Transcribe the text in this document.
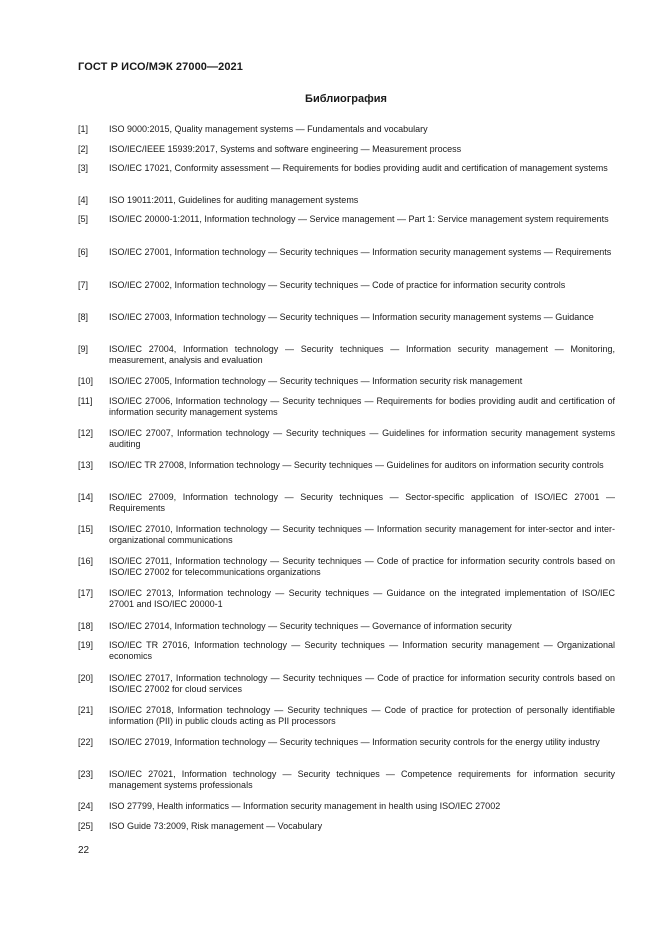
ГОСТ Р ИСО/МЭК 27000—2021
Библиография
[1]	ISO 9000:2015, Quality management systems — Fundamentals and vocabulary
[2]	ISO/IEC/IEEE 15939:2017, Systems and software engineering — Measurement process
[3]	ISO/IEC 17021, Conformity assessment — Requirements for bodies providing audit and certification of management systems
[4]	ISO 19011:2011, Guidelines for auditing management systems
[5]	ISO/IEC 20000-1:2011, Information technology — Service management — Part 1: Service management system requirements
[6]	ISO/IEC 27001, Information technology — Security techniques — Information security management systems — Requirements
[7]	ISO/IEC 27002, Information technology — Security techniques — Code of practice for information security controls
[8]	ISO/IEC 27003, Information technology — Security techniques — Information security management systems — Guidance
[9]	ISO/IEC 27004, Information technology — Security techniques — Information security management — Monitoring, measurement, analysis and evaluation
[10]	ISO/IEC 27005, Information technology — Security techniques — Information security risk management
[11]	ISO/IEC 27006, Information technology — Security techniques — Requirements for bodies providing audit and certification of information security management systems
[12]	ISO/IEC 27007, Information technology — Security techniques — Guidelines for information security management systems auditing
[13]	ISO/IEC TR 27008, Information technology — Security techniques — Guidelines for auditors on information security controls
[14]	ISO/IEC 27009, Information technology — Security techniques — Sector-specific application of ISO/IEC 27001 — Requirements
[15]	ISO/IEC 27010, Information technology — Security techniques — Information security management for inter-sector and inter-organizational communications
[16]	ISO/IEC 27011, Information technology — Security techniques — Code of practice for information security controls based on ISO/IEC 27002 for telecommunications organizations
[17]	ISO/IEC 27013, Information technology — Security techniques — Guidance on the integrated implementation of ISO/IEC 27001 and ISO/IEC 20000-1
[18]	ISO/IEC 27014, Information technology — Security techniques — Governance of information security
[19]	ISO/IEC TR 27016, Information technology — Security techniques — Information security management — Organizational economics
[20]	ISO/IEC 27017, Information technology — Security techniques — Code of practice for information security controls based on ISO/IEC 27002 for cloud services
[21]	ISO/IEC 27018, Information technology — Security techniques — Code of practice for protection of personally identifiable information (PII) in public clouds acting as PII processors
[22]	ISO/IEC 27019, Information technology — Security techniques — Information security controls for the energy utility industry
[23]	ISO/IEC 27021, Information technology — Security techniques — Competence requirements for information security management systems professionals
[24]	ISO 27799, Health informatics — Information security management in health using ISO/IEC 27002
[25]	ISO Guide 73:2009, Risk management — Vocabulary
22
